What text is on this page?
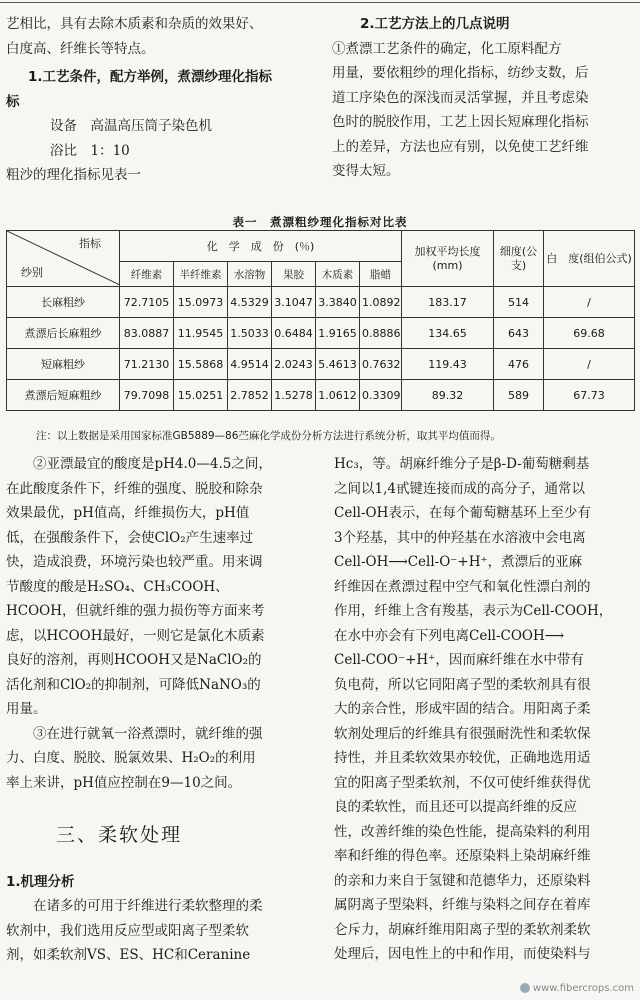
艺相比，具有去除木质素和杂质的效果好、

白度高、纤维长等特点。

1.工艺条件，配方举例，煮漂纱理化指标

标

设备　高温高压筒子染色机

浴比　1：10

粗沙的理化指标见表一

2.工艺方法上的几点说明

①煮漂工艺条件的确定，化工原料配方

用量，要依粗纱的理化指标，纺纱支数，后

道工序染色的深浅而灵活掌握，并且考虑染

色时的脱胶作用，工艺上因长短麻理化指标

上的差异，方法也应有别，以免使工艺纤维

变得太短。

表一　煮漂粗纱理化指标对比表
指标
纱别	化　学　成　份　(％)						加权平均长度(mm)	细度(公支)	白　度(组伯公式)
	纤维素	半纤维素	水溶物	果胶	木质素	脂蜡			
长麻粗纱	72.7105	15.0973	4.5329	3.1047	3.3840	1.0892	183.17	514	/
煮漂后长麻粗纱	83.0887	11.9545	1.5033	0.6484	1.9165	0.8886	134.65	643	69.68
短麻粗纱	71.2130	15.5868	4.9514	2.0243	5.4613	0.7632	119.43	476	/
煮漂后短麻粗纱	79.7098	15.0251	2.7852	1.5278	1.0612	0.3309	89.32	589	67.73
注：以上数据是采用国家标准GB5889—86苎麻化学成份分析方法进行系统分析，取其平均值而得。

②亚漂最宜的酸度是pH4.0—4.5之间，

在此酸度条件下，纤维的强度、脱胶和除杂

效果最优，pH值高，纤维损伤大，pH值

低，在强酸条件下，会使ClO₂产生速率过

快，造成浪费，环境污染也较严重。用来调

节酸度的酸是H₂SO₄、CH₃COOH、

HCOOH，但就纤维的强力损伤等方面来考

虑，以HCOOH最好，一则它是氯化木质素

良好的溶剂，再则HCOOH又是NaClO₂的

活化剂和ClO₂的抑制剂，可降低NaNO₃的

用量。

③在进行就氧一浴煮漂时，就纤维的强

力、白度、脱胶、脱氯效果、H₂O₂的利用

率上来讲，pH值应控制在9—10之间。

三、柔软处理

1.机理分析

在诸多的可用于纤维进行柔软整理的柔

软剂中，我们选用反应型或阳离子型柔软

剂，如柔软剂VS、ES、HC和Ceranine

Hc₃，等。胡麻纤维分子是β-D-葡萄糖剩基

之间以1,4甙键连接而成的高分子，通常以

Cell-OH表示，在每个葡萄糖基环上至少有

3个羟基，其中的仲羟基在水溶液中会电离

Cell-OH⟶Cell-O⁻+H⁺，煮漂后的亚麻

纤维因在煮漂过程中空气和氧化性漂白剂的

作用，纤维上含有羧基，表示为Cell-COOH，

在水中亦会有下列电离Cell-COOH⟶

Cell-COO⁻+H⁺，因而麻纤维在水中带有

负电荷，所以它同阳离子型的柔软剂具有很

大的亲合性，形成牢固的结合。用阳离子柔

软剂处理后的纤维具有很强耐洗性和柔软保

持性，并且柔软效果亦较优，正确地选用适

宜的阳离子型柔软剂，不仅可使纤维获得优

良的柔软性，而且还可以提高纤维的反应

性，改善纤维的染色性能，提高染料的利用

率和纤维的得色率。还原染料上染胡麻纤维

的亲和力来自于氢键和范德华力，还原染料

属阴离子型染料，纤维与染料之间存在着库

仑斥力，胡麻纤维用阳离子型的柔软剂柔软

处理后，因电性上的中和作用，而使染料与

www.fibercrops.com
